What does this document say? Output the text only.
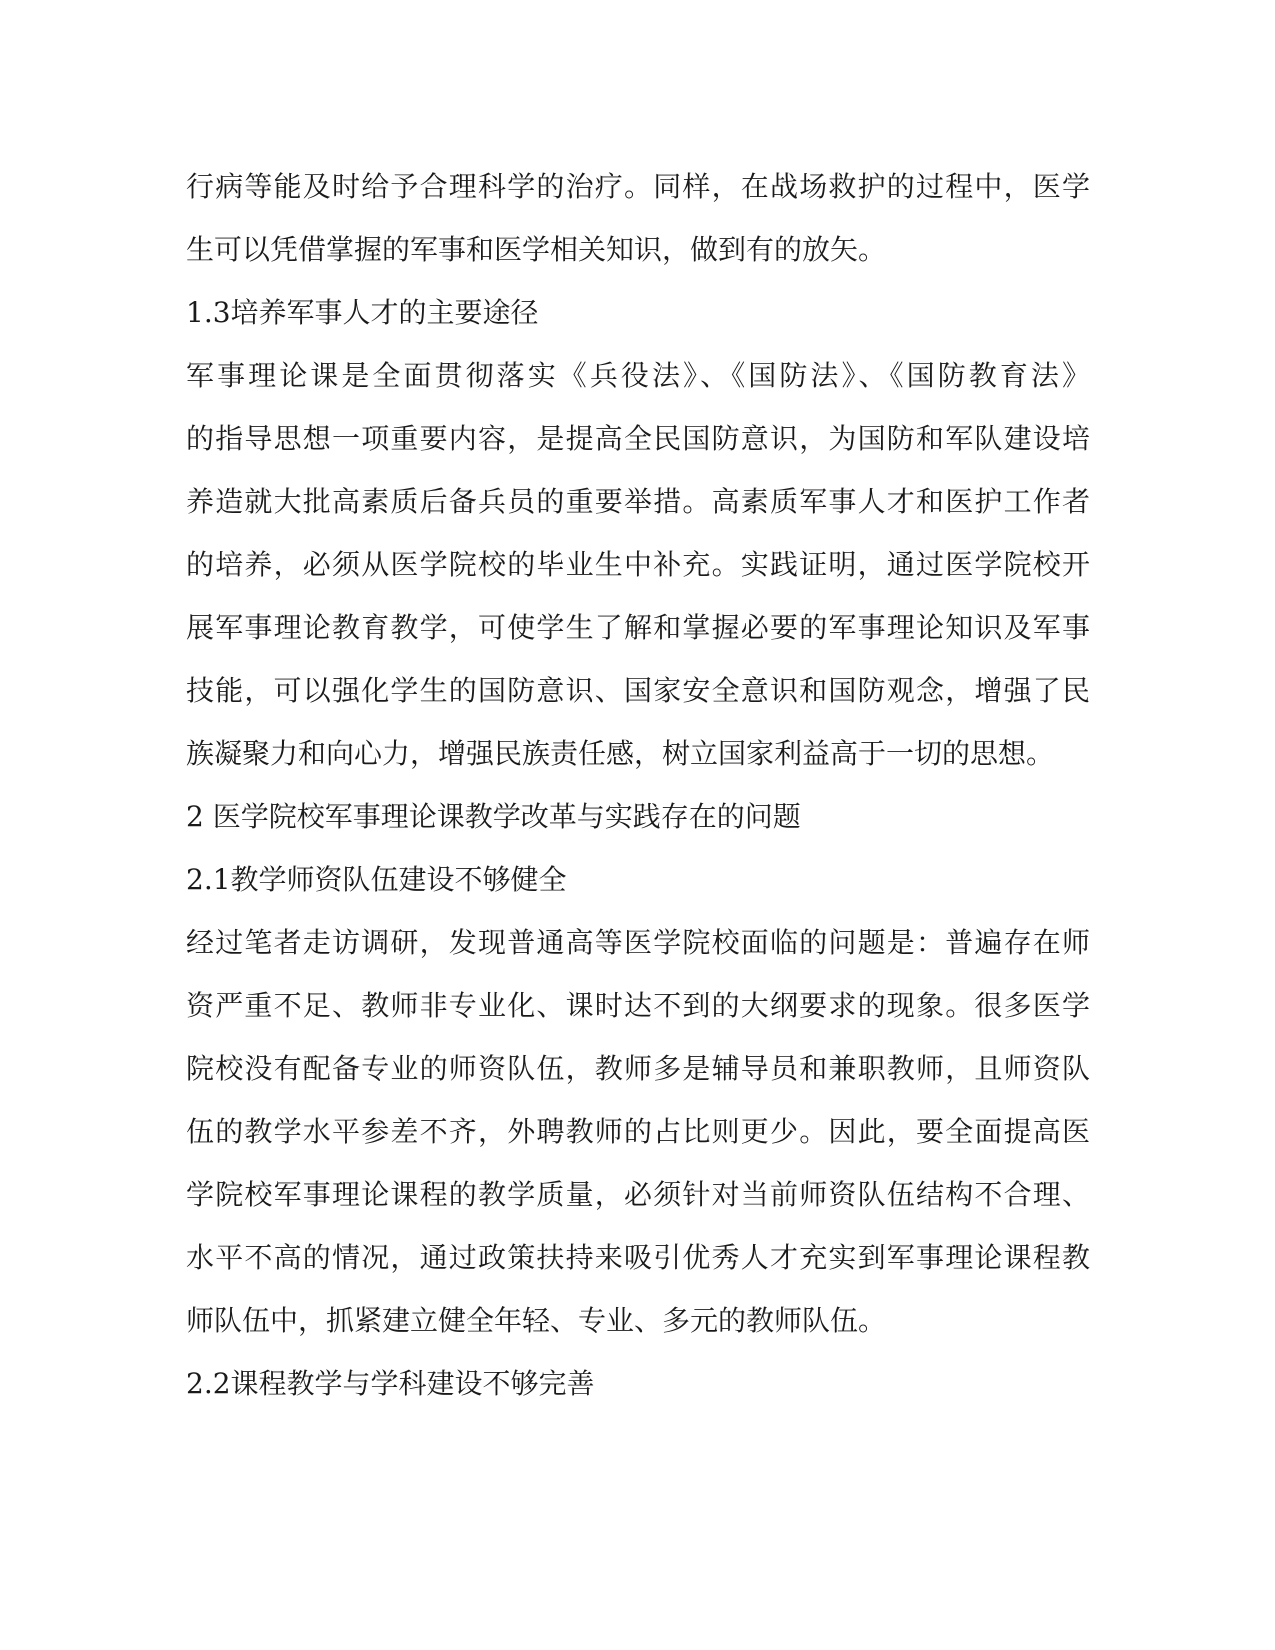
行病等能及时给予合理科学的治疗。同样，在战场救护的过程中，医学

生可以凭借掌握的军事和医学相关知识，做到有的放矢。

1.3培养军事人才的主要途径

军事理论课是全面贯彻落实《兵役法》、《国防法》、《国防教育法》

的指导思想一项重要内容，是提高全民国防意识，为国防和军队建设培

养造就大批高素质后备兵员的重要举措。高素质军事人才和医护工作者

的培养，必须从医学院校的毕业生中补充。实践证明，通过医学院校开

展军事理论教育教学，可使学生了解和掌握必要的军事理论知识及军事

技能，可以强化学生的国防意识、国家安全意识和国防观念，增强了民

族凝聚力和向心力，增强民族责任感，树立国家利益高于一切的思想。

2 医学院校军事理论课教学改革与实践存在的问题

2.1教学师资队伍建设不够健全

经过笔者走访调研，发现普通高等医学院校面临的问题是：普遍存在师

资严重不足、教师非专业化、课时达不到的大纲要求的现象。很多医学

院校没有配备专业的师资队伍，教师多是辅导员和兼职教师，且师资队

伍的教学水平参差不齐，外聘教师的占比则更少。因此，要全面提高医

学院校军事理论课程的教学质量，必须针对当前师资队伍结构不合理、

水平不高的情况，通过政策扶持来吸引优秀人才充实到军事理论课程教

师队伍中，抓紧建立健全年轻、专业、多元的教师队伍。

2.2课程教学与学科建设不够完善
